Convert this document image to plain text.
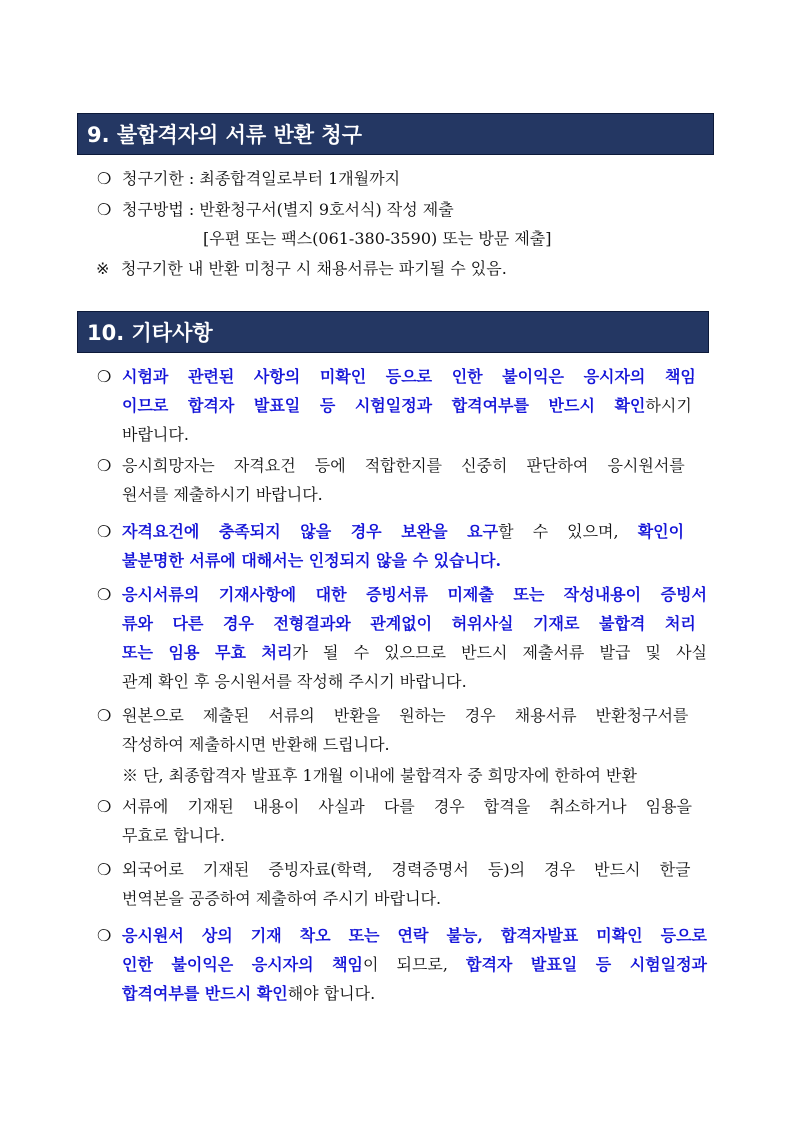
9. 불합격자의 서류 반환 청구
❍ 청구기한 : 최종합격일로부터 1개월까지
❍ 청구방법 : 반환청구서(별지 9호서식) 작성 제출
[우편 또는 팩스(061-380-3590) 또는 방문 제출]
※ 청구기한 내 반환 미청구 시 채용서류는 파기될 수 있음.
10. 기타사항
❍ 시험과 관련된 사항의 미확인 등으로 인한 불이익은 응시자의 책임
이므로 합격자 발표일 등 시험일정과 합격여부를 반드시 확인하시기
바랍니다.
❍ 응시희망자는 자격요건 등에 적합한지를 신중히 판단하여 응시원서를
원서를 제출하시기 바랍니다.
❍ 자격요건에 충족되지 않을 경우 보완을 요구할 수 있으며, 확인이
불분명한 서류에 대해서는 인정되지 않을 수 있습니다.
❍ 응시서류의 기재사항에 대한 증빙서류 미제출 또는 작성내용이 증빙서
류와 다른 경우 전형결과와 관계없이 허위사실 기재로 불합격 처리
또는 임용 무효 처리가 될 수 있으므로 반드시 제출서류 발급 및 사실
관계 확인 후 응시원서를 작성해 주시기 바랍니다.
❍ 원본으로 제출된 서류의 반환을 원하는 경우 채용서류 반환청구서를
작성하여 제출하시면 반환해 드립니다.
❍ 서류에 기재된 내용이 사실과 다를 경우 합격을 취소하거나 임용을
무효로 합니다.
❍ 외국어로 기재된 증빙자료(학력, 경력증명서 등)의 경우 반드시 한글
번역본을 공증하여 제출하여 주시기 바랍니다.
❍ 응시원서 상의 기재 착오 또는 연락 불능, 합격자발표 미확인 등으로
인한 불이익은 응시자의 책임이 되므로, 합격자 발표일 등 시험일정과
합격여부를 반드시 확인해야 합니다.
※ 단, 최종합격자 발표후 1개월 이내에 불합격자 중 희망자에 한하여 반환
